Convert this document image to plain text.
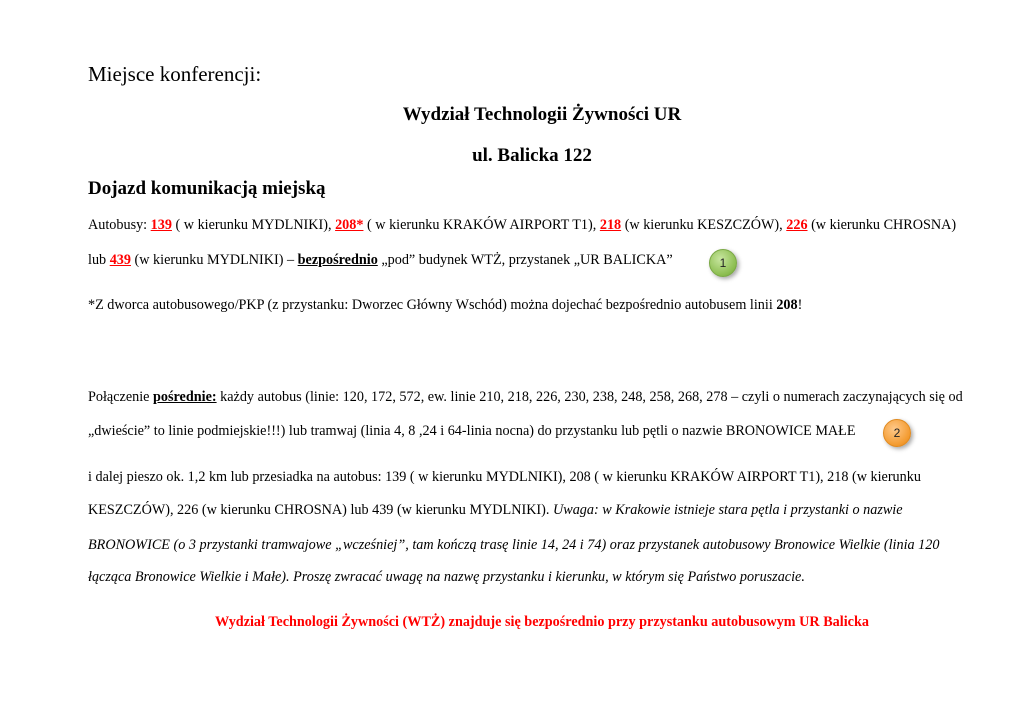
Miejsce konferencji:
Wydział Technologii Żywności UR
ul. Balicka 122
Dojazd komunikacją miejską
Autobusy: 139 ( w kierunku MYDLNIKI), 208* ( w kierunku KRAKÓW AIRPORT T1), 218 (w kierunku KESZCZÓW), 226 (w kierunku CHROSNA)
lub 439 (w kierunku MYDLNIKI) – bezpośrednio „pod” budynek WTŻ, przystanek „UR BALICKA”	1
*Z dworca autobusowego/PKP (z przystanku: Dworzec Główny Wschód) można dojechać bezpośrednio autobusem linii 208!
Połączenie pośrednie: każdy autobus (linie: 120, 172, 572, ew. linie 210, 218, 226, 230, 238, 248, 258, 268, 278 – czyli o numerach zaczynających się od
„dwieście” to linie podmiejskie!!!) lub tramwaj (linia 4, 8 ,24 i 64-linia nocna) do przystanku lub pętli o nazwie BRONOWICE MAŁE	2
i dalej pieszo ok. 1,2 km lub przesiadka na autobus: 139 ( w kierunku MYDLNIKI), 208 ( w kierunku KRAKÓW AIRPORT T1), 218 (w kierunku
KESZCZÓW), 226 (w kierunku CHROSNA) lub 439 (w kierunku MYDLNIKI). Uwaga: w Krakowie istnieje stara pętla i przystanki o nazwie
BRONOWICE (o 3 przystanki tramwajowe „wcześniej”, tam kończą trasę linie 14, 24 i 74) oraz przystanek autobusowy Bronowice Wielkie (linia 120
łącząca Bronowice Wielkie i Małe). Proszę zwracać uwagę na nazwę przystanku i kierunku, w którym się Państwo poruszacie.
Wydział Technologii Żywności (WTŻ) znajduje się bezpośrednio przy przystanku autobusowym UR Balicka
